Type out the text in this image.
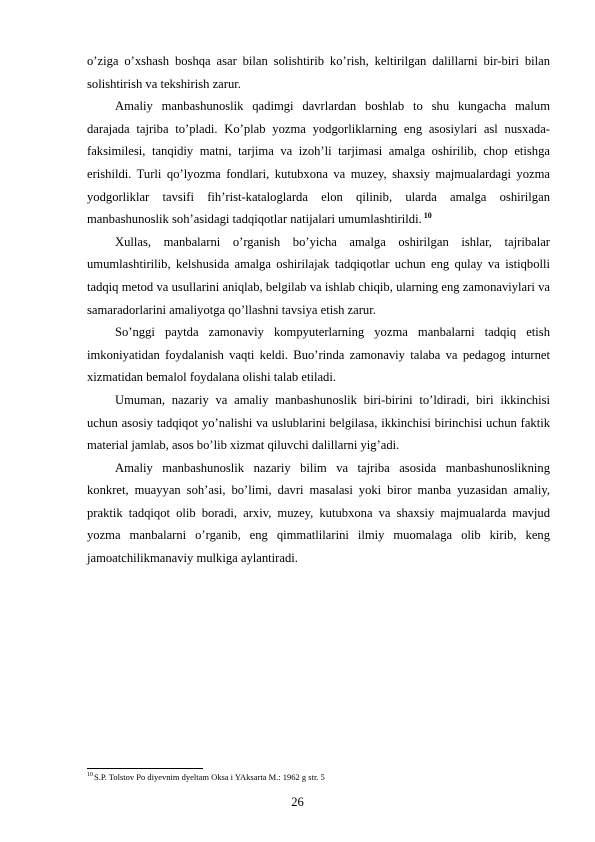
o’ziga o’xshash boshqa asar bilan solishtirib ko’rish, keltirilgan dalillarni bir-biri bilan solishtirish va tekshirish zarur.

Amaliy manbashunoslik qadimgi davrlardan boshlab to shu kungacha malum darajada tajriba to’pladi. Ko’plab yozma yodgorliklarning eng asosiylari asl nusxada-faksimilesi, tanqidiy matni, tarjima va izoh’li tarjimasi amalga oshirilib, chop etishga erishildi. Turli qo’lyozma fondlari, kutubxona va muzey, shaxsiy majmualardagi yozma yodgorliklar tavsifi fih’rist-kataloglarda elon qilinib, ularda amalga oshirilgan manbashunoslik soh’asidagi tadqiqotlar natijalari umumlashtirildi. $^{10}$

Xullas, manbalarni o’rganish bo’yicha amalga oshirilgan ishlar, tajribalar umumlashtirilib, kelshusida amalga oshirilajak tadqiqotlar uchun eng qulay va istiqbolli tadqiq metod va usullarini aniqlab, belgilab va ishlab chiqib, ularning eng zamonaviylari va samaradorlarini amaliyotga qo’llashni tavsiya etish zarur.

So’nggi paytda zamonaviy kompyuterlarning yozma manbalarni tadqiq etish imkoniyatidan foydalanish vaqti keldi. Buo’rinda zamonaviy talaba va pedagog inturnet xizmatidan bemalol foydalana olishi talab etiladi.

Umuman, nazariy va amaliy manbashunoslik biri-birini to’ldiradi, biri ikkinchisi uchun asosiy tadqiqot yo’nalishi va uslublarini belgilasa, ikkinchisi birinchisi uchun faktik material jamlab, asos bo’lib xizmat qiluvchi dalillarni yig’adi.

Amaliy manbashunoslik nazariy bilim va tajriba asosida manbashunoslikning konkret, muayyan soh’asi, bo’limi, davri masalasi yoki biror manba yuzasidan amaliy, praktik tadqiqot olib boradi, arxiv, muzey, kutubxona va shaxsiy majmualarda mavjud yozma manbalarni o’rganib, eng qimmatlilarini ilmiy muomalaga olib kirib, keng jamoatchilikmanaviy mulkiga aylantiradi.

$^{10}$S.P. Tolstov Po diyevnim dyeltam Oksa i YAksarta M.: 1962 g str. 5
26
